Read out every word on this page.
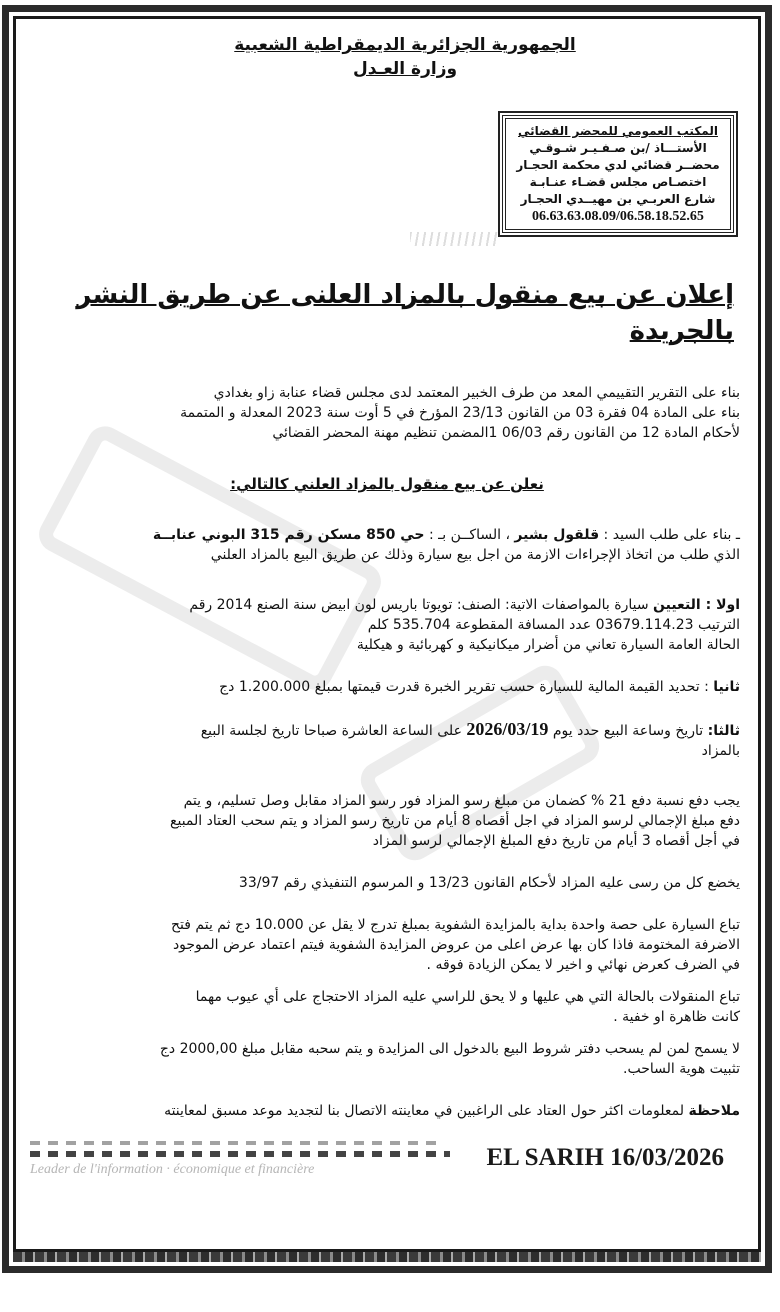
الجمهورية الجزائرية الديمقراطية الشعبية
وزارة العـدل
المكتب العمومي للمحضر القضائي
الأستـــاذ /بن صـفـيـر شـوقـي
محضــر قضائي لدي محكمة الحجـار
اختصـاص مجلس قضـاء عنـابـة
شارع العربـي بن مهيــدي الحجـار
06.63.63.08.09/06.58.18.52.65
إعلان عن بيع منقول بالمزاد العلنى عن طريق النشر بالجريدة
بناء على التقرير التقييمي المعد من طرف الخبير المعتمد لدى مجلس قضاء عنابة زاو بغدادي
بناء على المادة 04 فقرة 03 من القانون 23/13 المؤرخ في 5 أوت سنة 2023 المعدلة و المتممة
لأحكام المادة 12 من القانون رقم 06/03 1المضمن تنظيم مهنة المحضر القضائي
نعلن عن بيع منقول بالمزاد العلني كالتالي:
ـ بناء على طلب السيد : قلقول بشير ، الساكــن بـ : حي 850 مسكن رقم 315 البوني عنابــة
الذي طلب من اتخاذ الإجراءات الازمة من اجل بيع سيارة وذلك عن طريق البيع بالمزاد العلني
اولا : التعيين سيارة بالمواصفات الاتية: الصنف: تويوتا باريس لون ابيض سنة الصنع 2014 رقم
الترتيب 03679.114.23 عدد المسافة المقطوعة 535.704 كلم
الحالة العامة السيارة تعاني من أضرار ميكانيكية و كهربائية و هيكلية
ثانيا : تحديد القيمة المالية للسيارة حسب تقرير الخبرة قدرت قيمتها بمبلغ 1.200.000 دج
ثالثا: تاريخ وساعة البيع حدد يوم 2026/03/19 على الساعة العاشرة صباحا تاريخ لجلسة البيع
بالمزاد
يجب دفع نسبة دفع 21 % كضمان من مبلغ رسو المزاد فور رسو المزاد مقابل وصل تسليم، و يتم
دفع مبلغ الإجمالي لرسو المزاد في اجل أقصاه 8 أيام من تاريخ رسو المزاد و يتم سحب العتاد المبيع
في أجل أقصاه 3 أيام من تاريخ دفع المبلغ الإجمالي لرسو المزاد
يخضع كل من رسى عليه المزاد لأحكام القانون 13/23 و المرسوم التنفيذي رقم 33/97
تباع السيارة على حصة واحدة بداية بالمزايدة الشفوية بمبلغ تدرج لا يقل عن 10.000 دج ثم يتم فتح
الاضرفة المختومة فاذا كان بها عرض اعلى من عروض المزايدة الشفوية فيتم اعتماد عرض الموجود
في الضرف كعرض نهائي و اخير لا يمكن الزيادة فوقه .
تباع المنقولات بالحالة التي هي عليها و لا يحق للراسي عليه المزاد الاحتجاج على أي عيوب مهما
كانت ظاهرة او خفية .
لا يسمح لمن لم يسحب دفتر شروط البيع بالدخول الى المزايدة و يتم سحبه مقابل مبلغ 2000,00 دج
تثبيت هوية الساحب.
ملاحظة لمعلومات اكثر حول العتاد على الراغبين في معاينته الاتصال بنا لتجديد موعد مسبق لمعاينته
Leader de l'information · économique et financière	EL SARIH 16/03/2026
